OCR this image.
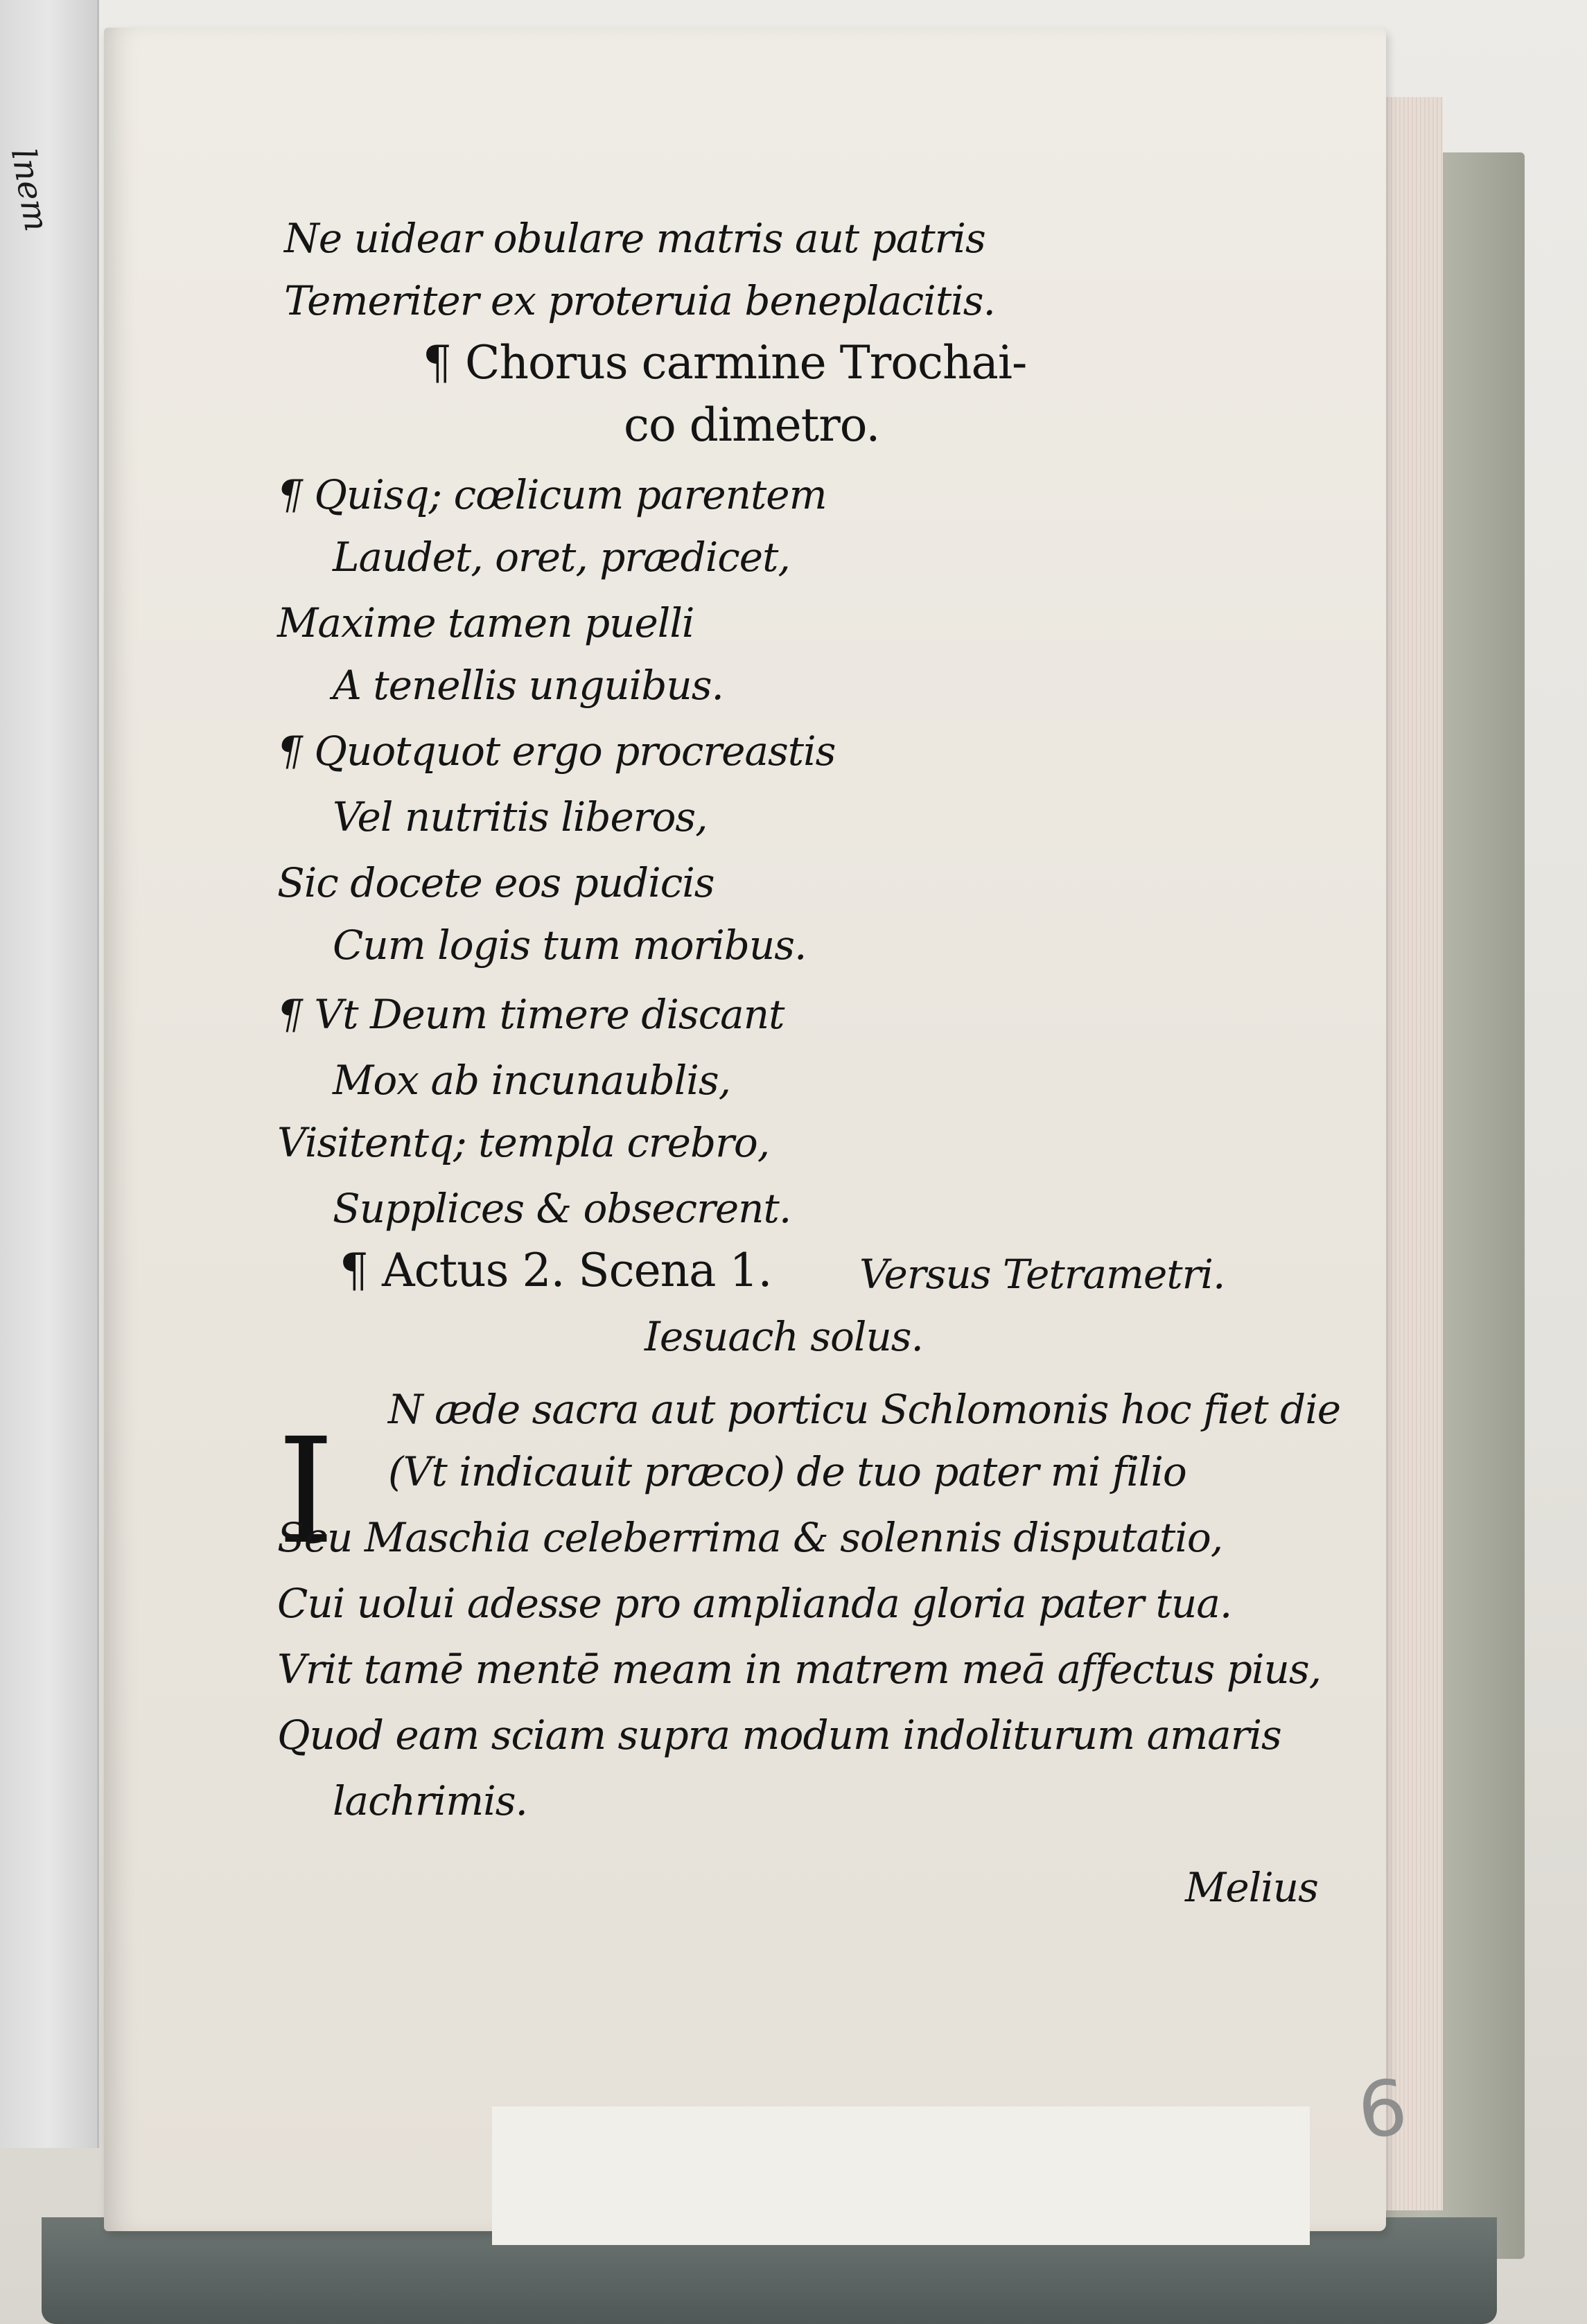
lnem
Ne uidear obulare matris aut patris
Temeriter ex proteruia beneplacitis.
¶ Chorus carmine Trochai-
co dimetro.
¶ Quisq; cœlicum parentem
Laudet, oret, prædicet,
Maxime tamen puelli
A tenellis unguibus.
¶ Quotquot ergo procreastis
Vel nutritis liberos,
Sic docete eos pudicis
Cum logis tum moribus.
¶ Vt Deum timere discant
Mox ab incunaublis,
Visitentq; templa crebro,
Supplices & obsecrent.
¶ Actus 2. Scena 1. Versus Tetrametri.
Iesuach solus.
I N æde sacra aut porticu Schlomonis hoc fiet die
(Vt indicauit præco) de tuo pater mi filio
Seu Maschia celeberrima & solennis disputatio,
Cui uolui adesse pro amplianda gloria pater tua.
Vrit tamē mentē meam in matrem meā affectus pius,
Quod eam sciam supra modum indoliturum amaris
lachrimis.
Melius
6
